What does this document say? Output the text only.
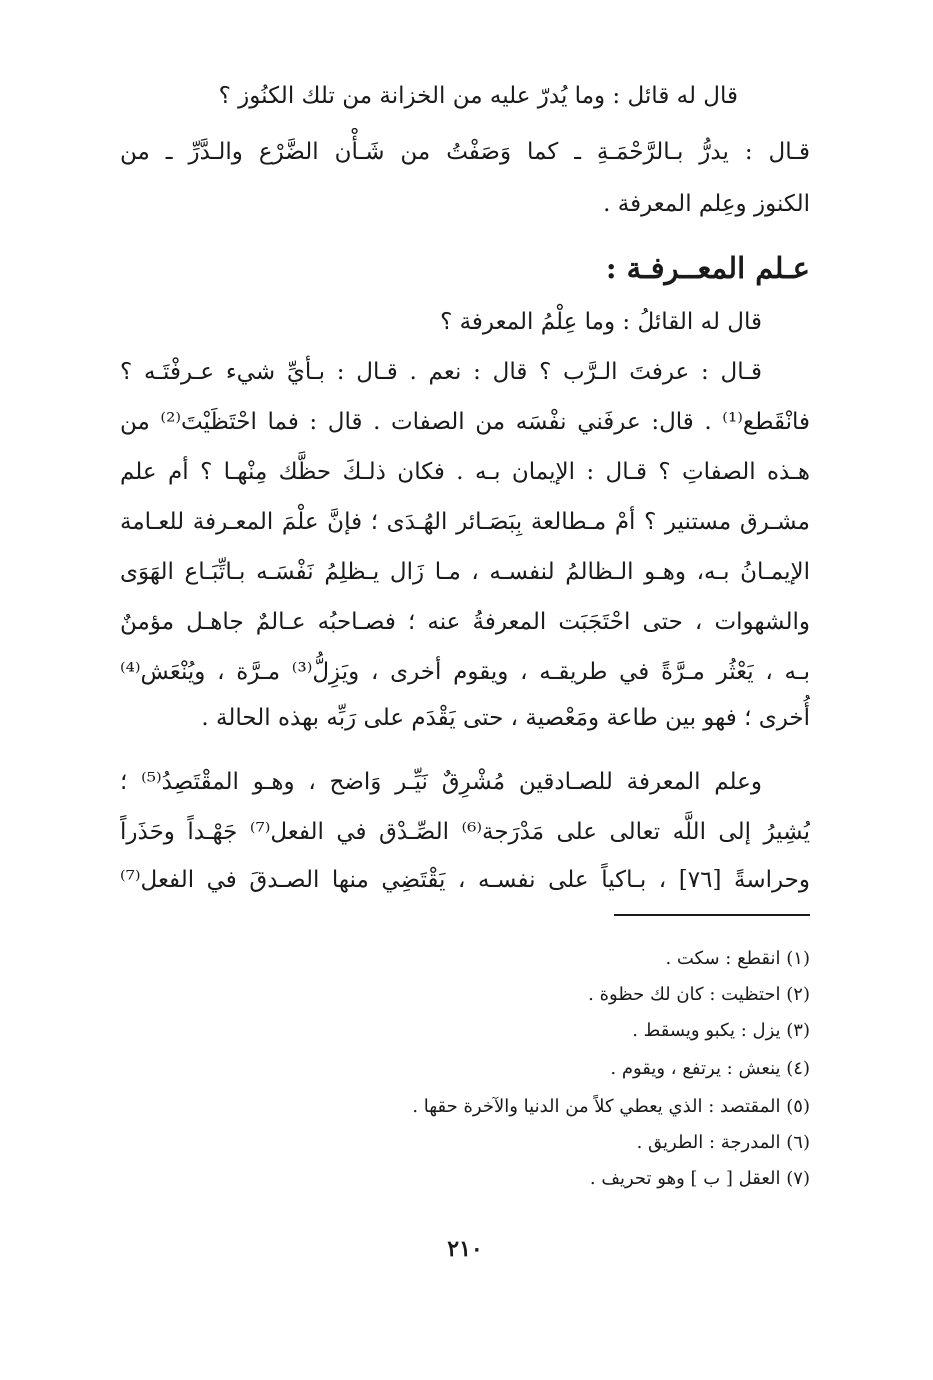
قال له قائل : وما يُدرّ عليه من الخزانة من تلك الكنُوز ؟
قـال : يدرُّ بـالرَّحْمَـةِ ـ كما وَصَفْتُ من شَـأْن الضَّرْع والـدَّرِّ ـ من
الكنوز وعِلم المعرفة .
عـلم المعــرفـة :
قال له القائلُ : وما عِلْمُ المعرفة ؟
قـال : عرفتَ الـرَّب ؟ قال : نعم . قـال : بـأيِّ شيء عـرفْتَـه ؟
فانْقَطع⁽¹⁾ . قال: عرفَني نفْسَه من الصفات . قال : فما احْتَظَيْتَ⁽²⁾ من
هـذه الصفاتِ ؟ قـال : الإيمان بـه . فكان ذلـكَ حظَّك مِنْهـا ؟ أم علم
مشـرق مستنير ؟ أمْ مـطالعة بِبَصَـائر الهُـدَى ؛ فإنَّ علْمَ المعـرفة للعـامة
الإيمـانُ بـه، وهـو الـظالمُ لنفسـه ، مـا زَال يـظلِمُ نَفْسَـه بـاتِّبَـاع الهَوَى
والشهوات ، حتى احْتَجَبَت المعرفةُ عنه ؛ فصـاحبُه عـالمٌ جاهـل مؤمنٌ
بـه ، يَعْثُر مـرَّةً في طريقـه ، ويقوم أخرى ، ويَزِلُّ⁽³⁾ مـرَّة ، ويُنْعَش⁽⁴⁾
أُخرى ؛ فهو بين طاعة ومَعْصية ، حتى يَقْدَم على رَبِّه بهذه الحالة .
وعلم المعرفة للصـادقين مُشْرِقٌ نَيِّـر وَاضح ، وهـو المقْتَصِدُ⁽⁵⁾ ؛
يُشِيرُ إلى اللَّه تعالى على مَدْرَجة⁽⁶⁾ الصِّـدْق في الفعل⁽⁷⁾ جَهْـداً وحَذَراً
وحراسةً [٧٦] ، بـاكياً على نفسـه ، يَقْتَضِي منها الصـدقَ في الفعل⁽⁷⁾
(١) انقطع : سكت .
(٢) احتظيت : كان لك حظوة .
(٣) يزل : يكبو ويسقط .
(٤) ينعش : يرتفع ، ويقوم .
(٥) المقتصد : الذي يعطي كلاً من الدنيا والآخرة حقها .
(٦) المدرجة : الطريق .
(٧) العقل [ ب ] وهو تحريف .
٢١٠
